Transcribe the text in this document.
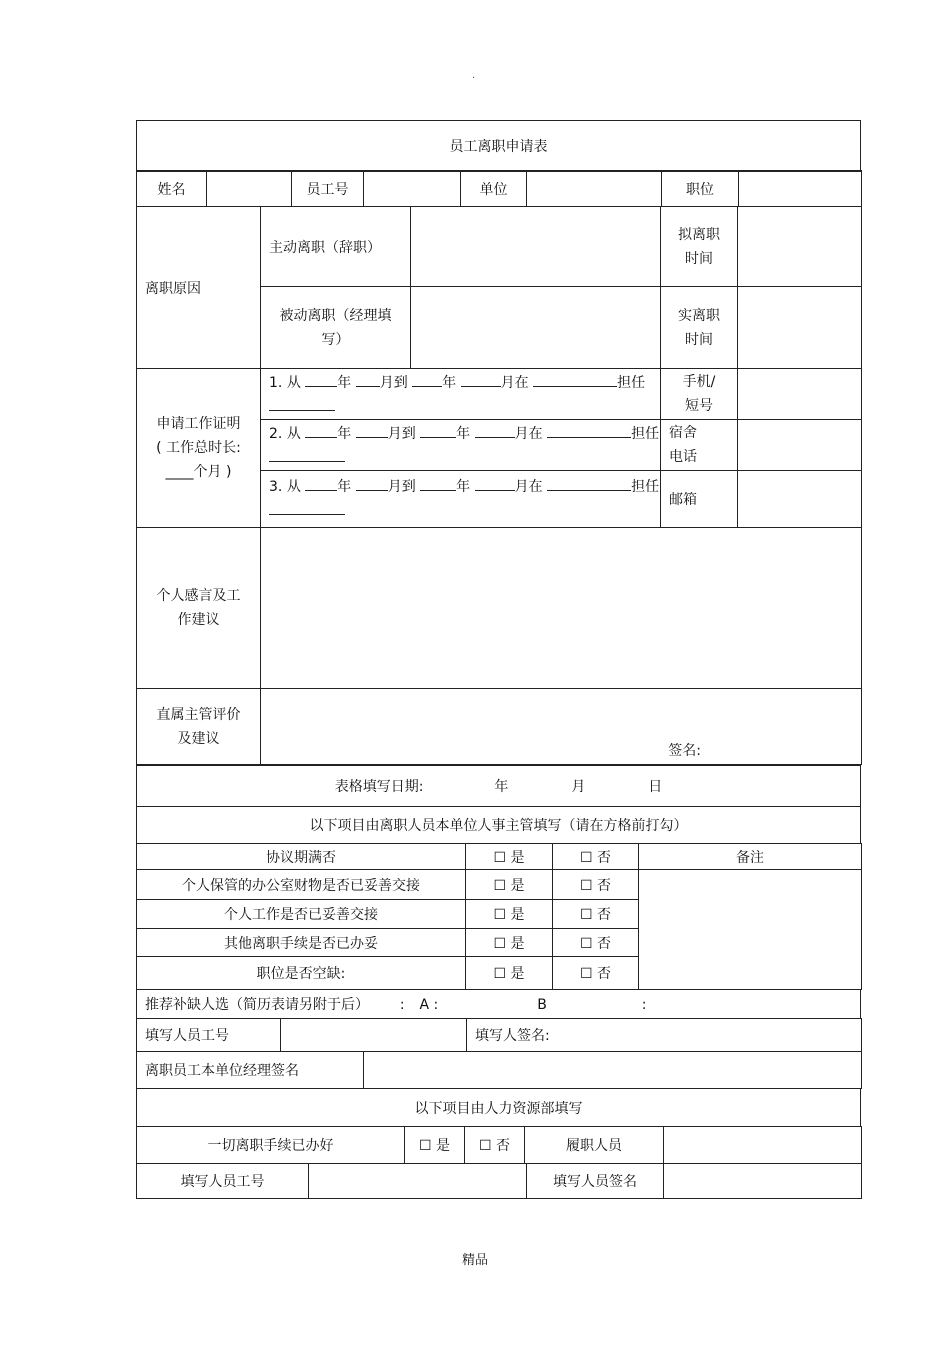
.
员工离职申请表
姓名		员工号		单位		职位	
离职原因	主动离职（辞职）		拟离职时间	

	被动离职（经理填写）		实离职时间	

申请工作证明
( 工作总时长:
____个月 )	1. 从 年 月到 年 月在 担任		手机/ 短号	

	2. 从 年 月到 年 月在 担任		宿舍电话	

	3. 从 年 月到 年 月在 担任		邮箱	

个人感言及工作建议				

直属主管评价及建议	签名:			
表格填写日期:	年	月	日
以下项目由离职人员本单位人事主管填写（请在方格前打勾）
协议期满否	☐ 是	☐ 否	备注
个人保管的办公室财物是否已妥善交接	☐ 是	☐ 否	
个人工作是否已妥善交接	☐ 是	☐ 否	
其他离职手续是否已办妥	☐ 是	☐ 否	
职位是否空缺:	☐ 是	☐ 否	
推荐补缺人选（简历表请另附于后） : A :	B	:
填写人员工号		填写人签名:
离职员工本单位经理签名	
以下项目由人力资源部填写
一切离职手续已办好	☐ 是	☐ 否	履职人员	
填写人员工号		填写人员签名	
精品
